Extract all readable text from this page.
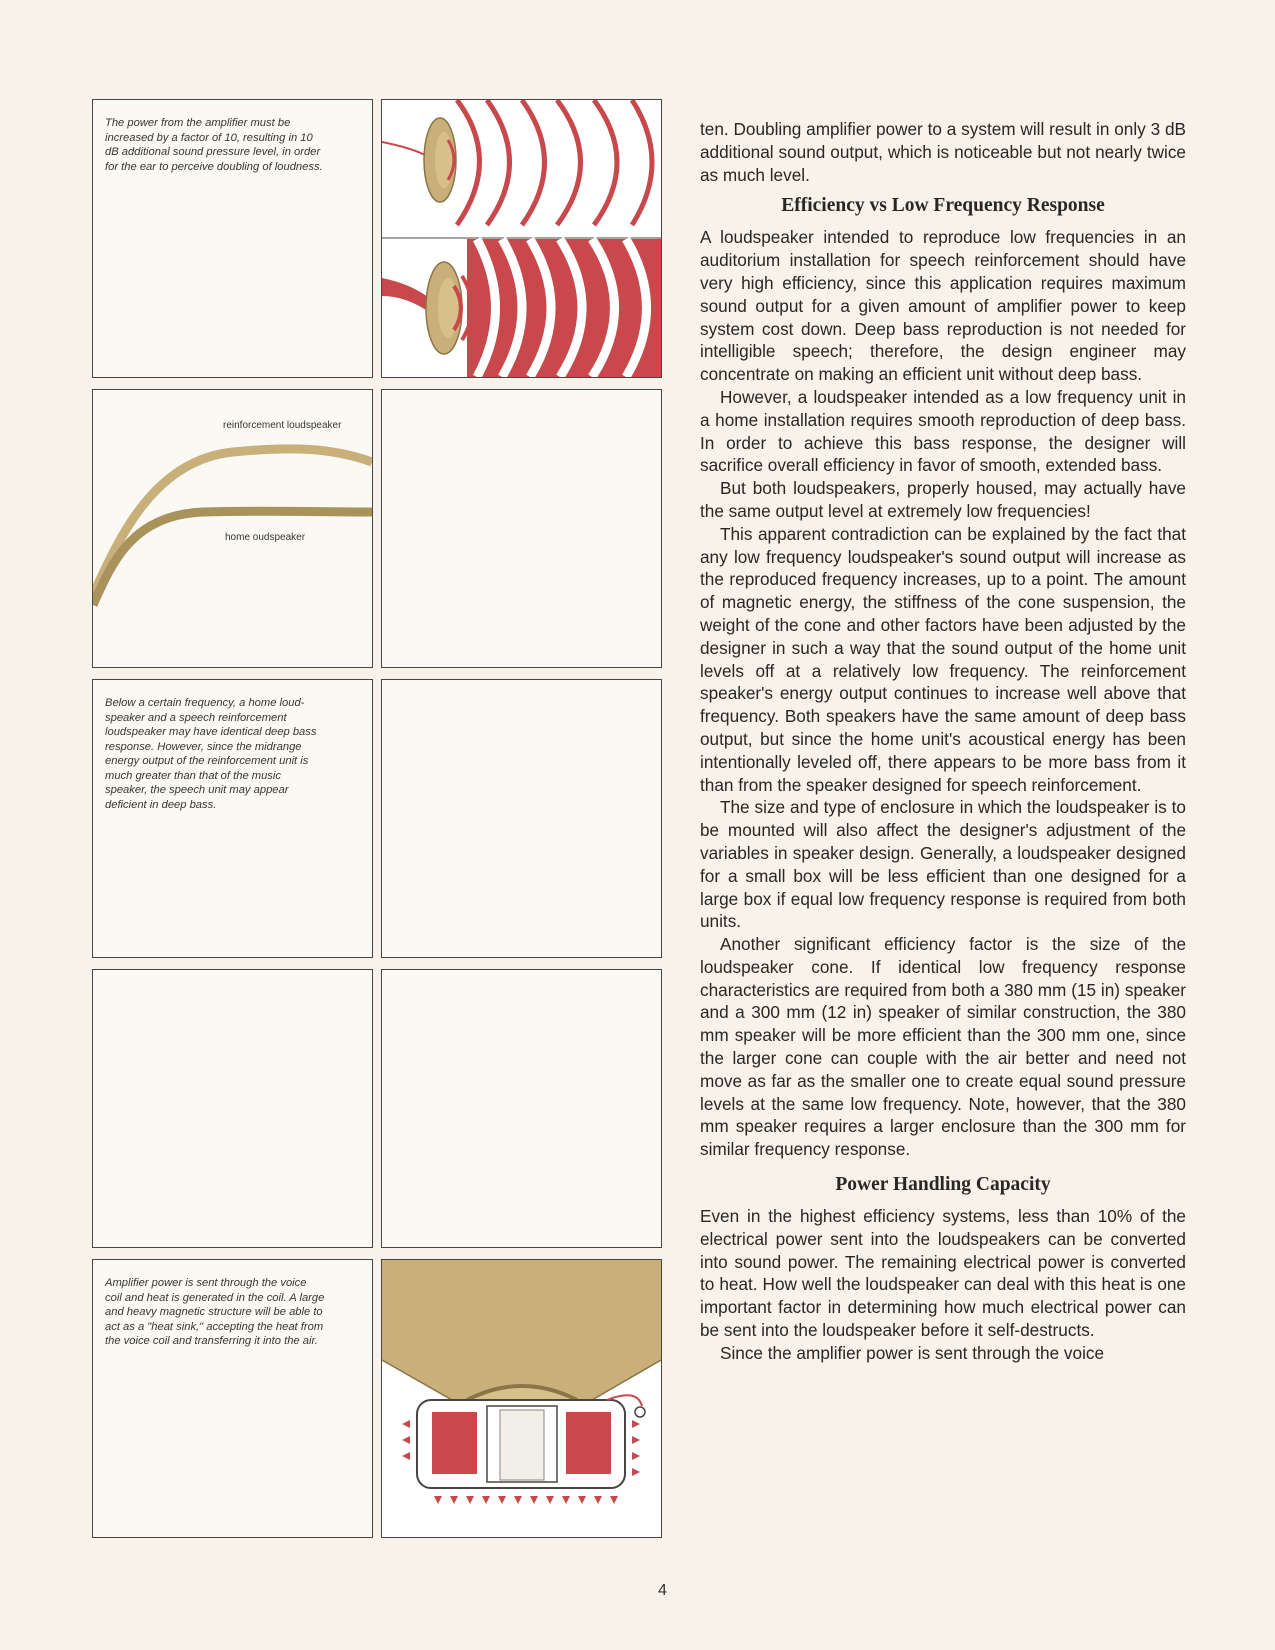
The power from the amplifier must be increased by a factor of 10, resulting in 10 dB additional sound pressure level, in order for the ear to perceive doubling of loudness.

reinforcement loudspeaker
home oudspeaker

Below a certain frequency, a home loud-speaker and a speech reinforcement loudspeaker may have identical deep bass response. However, since the midrange energy output of the reinforcement unit is much greater than that of the music speaker, the speech unit may appear deficient in deep bass.

Amplifier power is sent through the voice coil and heat is generated in the coil. A large and heavy magnetic structure will be able to act as a "heat sink," accepting the heat from the voice coil and transferring it into the air.

ten. Doubling amplifier power to a system will result in only 3 dB additional sound output, which is noticeable but not nearly twice as much level.

Efficiency vs Low Frequency Response

A loudspeaker intended to reproduce low frequencies in an auditorium installation for speech reinforcement should have very high efficiency, since this application requires maximum sound output for a given amount of amplifier power to keep system cost down. Deep bass reproduction is not needed for intelligible speech; therefore, the design engineer may concentrate on making an efficient unit without deep bass.

However, a loudspeaker intended as a low frequency unit in a home installation requires smooth reproduction of deep bass. In order to achieve this bass response, the designer will sacrifice overall efficiency in favor of smooth, extended bass.

But both loudspeakers, properly housed, may actually have the same output level at extremely low frequencies!

This apparent contradiction can be explained by the fact that any low frequency loudspeaker's sound output will increase as the reproduced frequency increases, up to a point. The amount of magnetic energy, the stiffness of the cone suspension, the weight of the cone and other factors have been adjusted by the designer in such a way that the sound output of the home unit levels off at a relatively low frequency. The reinforcement speaker's energy output continues to increase well above that frequency. Both speakers have the same amount of deep bass output, but since the home unit's acoustical energy has been intentionally leveled off, there appears to be more bass from it than from the speaker designed for speech reinforcement.

The size and type of enclosure in which the loudspeaker is to be mounted will also affect the designer's adjustment of the variables in speaker design. Generally, a loudspeaker designed for a small box will be less efficient than one designed for a large box if equal low frequency response is required from both units.

Another significant efficiency factor is the size of the loudspeaker cone. If identical low frequency response characteristics are required from both a 380 mm (15 in) speaker and a 300 mm (12 in) speaker of similar construction, the 380 mm speaker will be more efficient than the 300 mm one, since the larger cone can couple with the air better and need not move as far as the smaller one to create equal sound pressure levels at the same low frequency. Note, however, that the 380 mm speaker requires a larger enclosure than the 300 mm for similar frequency response.

Power Handling Capacity

Even in the highest efficiency systems, less than 10% of the electrical power sent into the loudspeakers can be converted into sound power. The remaining electrical power is converted to heat. How well the loudspeaker can deal with this heat is one important factor in determining how much electrical power can be sent into the loudspeaker before it self-destructs.

Since the amplifier power is sent through the voice

4
